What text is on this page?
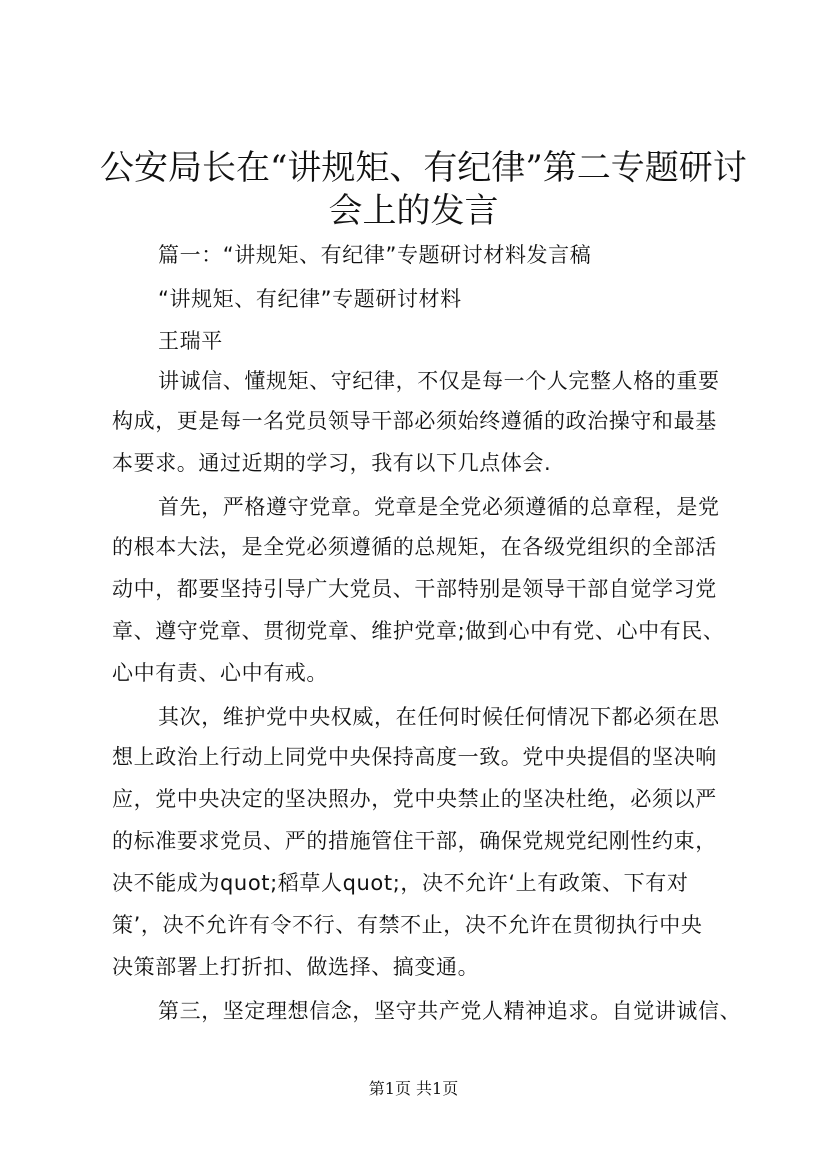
公安局长在“讲规矩、有纪律”第二专题研讨
会上的发言

篇一：“讲规矩、有纪律”专题研讨材料发言稿

“讲规矩、有纪律”专题研讨材料

王瑞平

讲诚信、懂规矩、守纪律，不仅是每一个人完整人格的重要

构成，更是每一名党员领导干部必须始终遵循的政治操守和最基

本要求。通过近期的学习，我有以下几点体会.

首先，严格遵守党章。党章是全党必须遵循的总章程，是党

的根本大法，是全党必须遵循的总规矩，在各级党组织的全部活

动中，都要坚持引导广大党员、干部特别是领导干部自觉学习党

章、遵守党章、贯彻党章、维护党章;做到心中有党、心中有民、

心中有责、心中有戒。

其次，维护党中央权威，在任何时候任何情况下都必须在思

想上政治上行动上同党中央保持高度一致。党中央提倡的坚决响

应，党中央决定的坚决照办，党中央禁止的坚决杜绝，必须以严

的标准要求党员、严的措施管住干部，确保党规党纪刚性约束，

决不能成为quot;稻草人quot;，决不允许‘上有政策、下有对

策’，决不允许有令不行、有禁不止，决不允许在贯彻执行中央

决策部署上打折扣、做选择、搞变通。

第三，坚定理想信念，坚守共产党人精神追求。自觉讲诚信、

第1页 共1页
